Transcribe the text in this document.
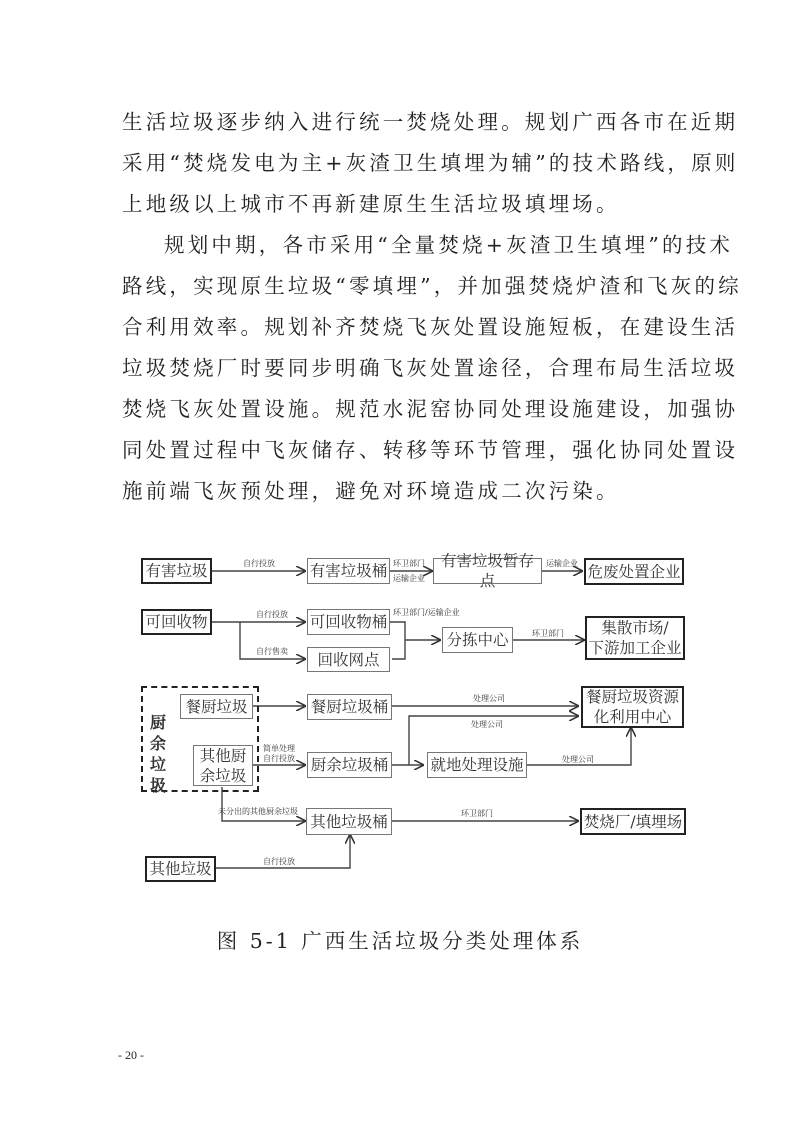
生活垃圾逐步纳入进行统一焚烧处理。规划广西各市在近期
采用“焚烧发电为主+灰渣卫生填埋为辅”的技术路线，原则
上地级以上城市不再新建原生生活垃圾填埋场。
规划中期，各市采用“全量焚烧+灰渣卫生填埋”的技术
路线，实现原生垃圾“零填埋”，并加强焚烧炉渣和飞灰的综
合利用效率。规划补齐焚烧飞灰处置设施短板，在建设生活
垃圾焚烧厂时要同步明确飞灰处置途径，合理布局生活垃圾
焚烧飞灰处置设施。规范水泥窑协同处理设施建设，加强协
同处置过程中飞灰储存、转移等环节管理，强化协同处置设
施前端飞灰预处理，避免对环境造成二次污染。
有害垃圾	有害垃圾桶
有害垃圾暂存点
危废处置企业
可回收物	可回收物桶
回收网点
分拣中心
集散市场/
下游加工企业
厨
余
垃
圾
餐厨垃圾
其他厨
余垃圾
餐厨垃圾桶
厨余垃圾桶	就地处理设施
餐厨垃圾资源
化利用中心
其他垃圾桶	焚烧厂/填埋场
其他垃圾
自行投放	环卫部门
运输企业
运输企业
自行投放
自行售卖
环卫部门/运输企业
环卫部门
处理公司
处理公司
简单处理
自行投放	处理公司
未分出的其他厨余垃圾	环卫部门
自行投放
图 5-1 广西生活垃圾分类处理体系
- 20 -
